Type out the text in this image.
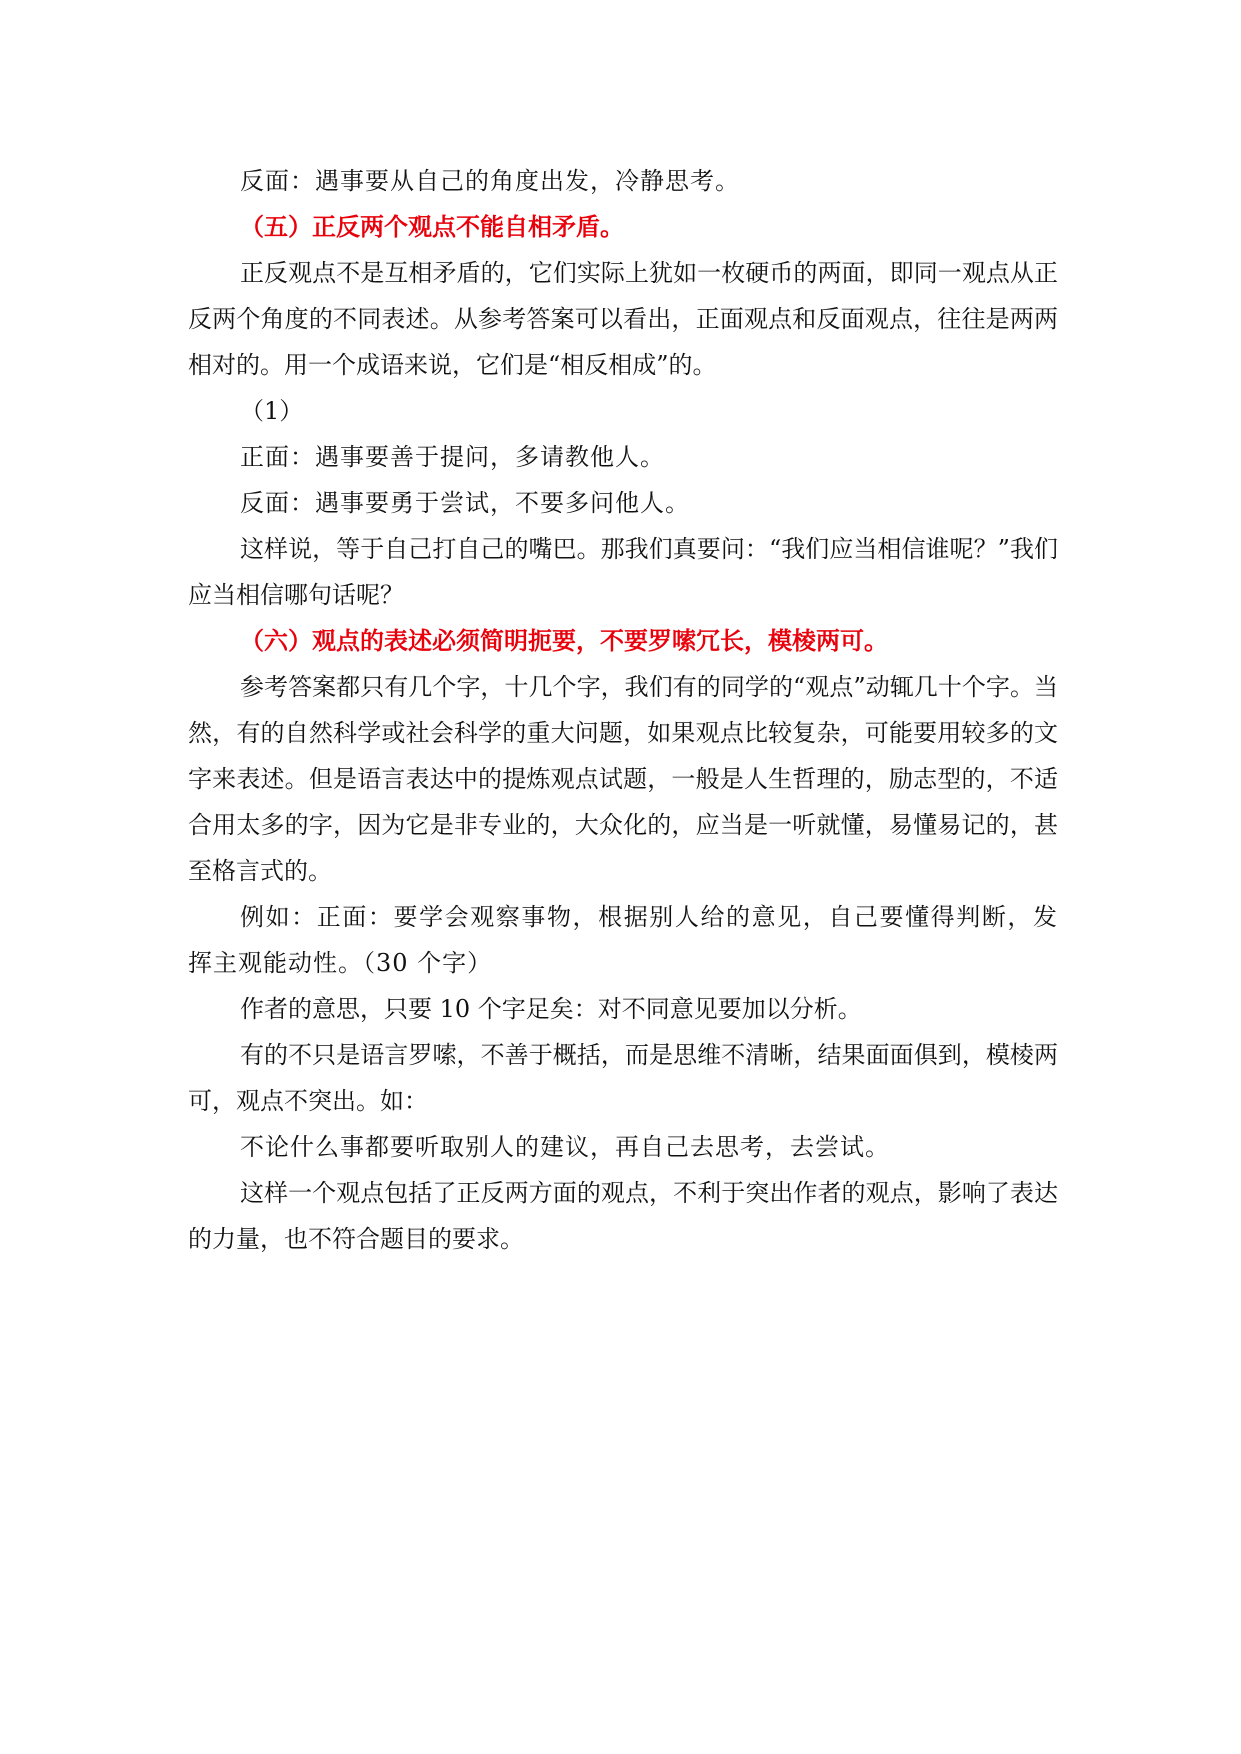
反面：遇事要从自己的角度出发，冷静思考。

（五）正反两个观点不能自相矛盾。

正反观点不是互相矛盾的，它们实际上犹如一枚硬币的两面，即同一观点从正反两个角度的不同表述。从参考答案可以看出，正面观点和反面观点，往往是两两相对的。用一个成语来说，它们是“相反相成”的。

（1）

正面：遇事要善于提问，多请教他人。

反面：遇事要勇于尝试，不要多问他人。

这样说，等于自己打自己的嘴巴。那我们真要问：“我们应当相信谁呢？”我们应当相信哪句话呢？

（六）观点的表述必须简明扼要，不要罗嗦冗长，模棱两可。

参考答案都只有几个字，十几个字，我们有的同学的“观点”动辄几十个字。当然，有的自然科学或社会科学的重大问题，如果观点比较复杂，可能要用较多的文字来表述。但是语言表达中的提炼观点试题，一般是人生哲理的，励志型的，不适合用太多的字，因为它是非专业的，大众化的，应当是一听就懂，易懂易记的，甚至格言式的。

例如：正面：要学会观察事物，根据别人给的意见，自己要懂得判断，发挥主观能动性。（30 个字）

作者的意思，只要 10 个字足矣：对不同意见要加以分析。

有的不只是语言罗嗦，不善于概括，而是思维不清晰，结果面面俱到，模棱两可，观点不突出。如：

不论什么事都要听取别人的建议，再自己去思考，去尝试。

这样一个观点包括了正反两方面的观点，不利于突出作者的观点，影响了表达的力量，也不符合题目的要求。
